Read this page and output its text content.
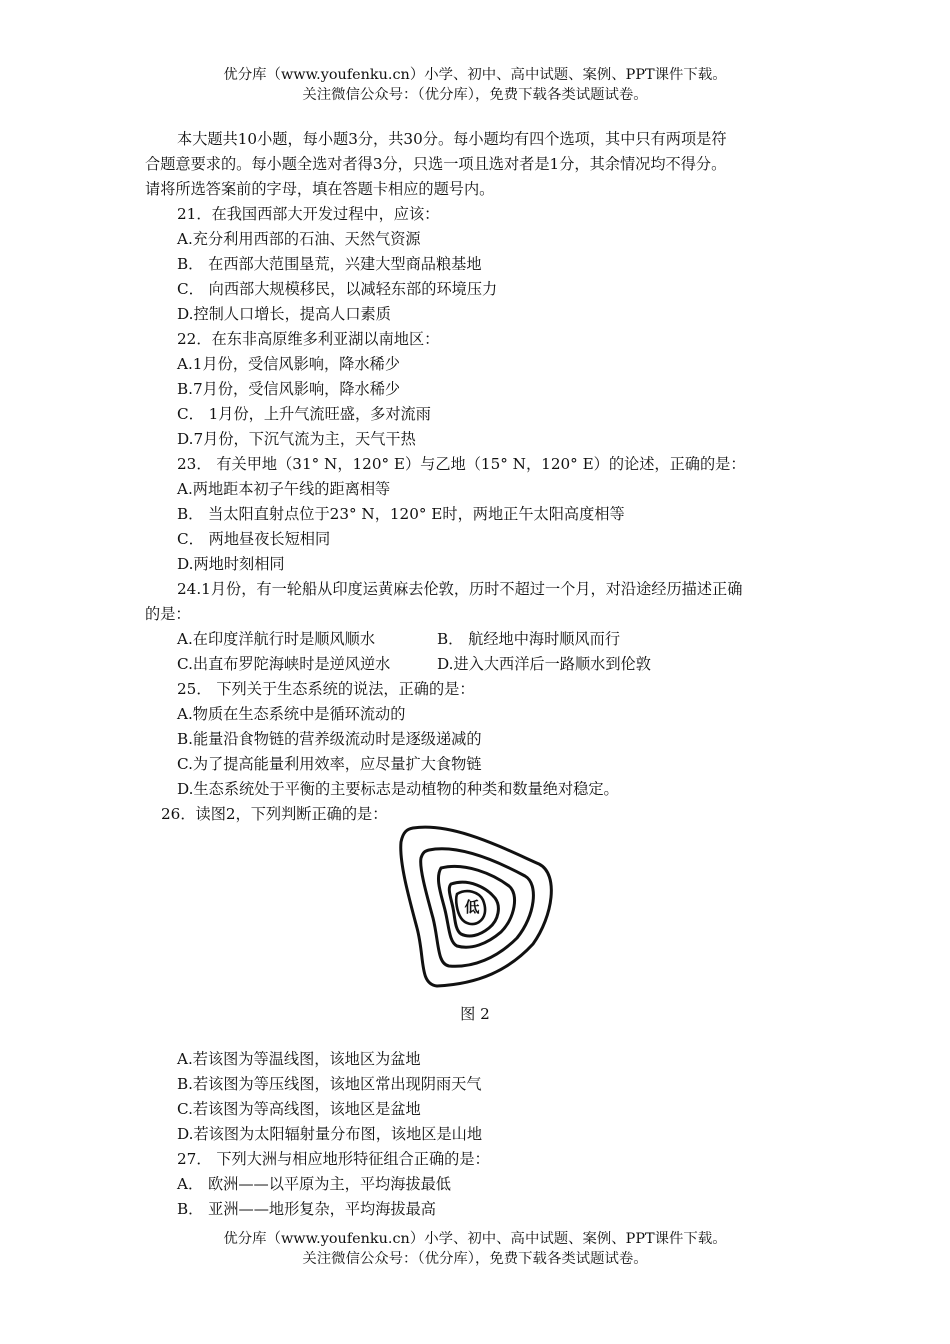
优分库（www.youfenku.cn）小学、初中、高中试题、案例、PPT课件下载。
关注微信公众号：（优分库），免费下载各类试题试卷。
本大题共10小题，每小题3分，共30分。每小题均有四个选项，其中只有两项是符
合题意要求的。每小题全选对者得3分，只选一项且选对者是1分，其余情况均不得分。
请将所选答案前的字母，填在答题卡相应的题号内。
21．在我国西部大开发过程中，应该：
A.充分利用西部的石油、天然气资源
B． 在西部大范围垦荒，兴建大型商品粮基地
C． 向西部大规模移民，以减轻东部的环境压力
D.控制人口增长，提高人口素质
22．在东非高原维多利亚湖以南地区：
A.1月份，受信风影响，降水稀少
B.7月份，受信风影响，降水稀少
C． 1月份，上升气流旺盛，多对流雨
D.7月份，下沉气流为主，天气干热
23． 有关甲地（31° N，120° E）与乙地（15° N，120° E）的论述，正确的是：
A.两地距本初子午线的距离相等
B． 当太阳直射点位于23° N，120° E时，两地正午太阳高度相等
C． 两地昼夜长短相同
D.两地时刻相同
24.1月份，有一轮船从印度运黄麻去伦敦，历时不超过一个月，对沿途经历描述正确
的是：
A.在印度洋航行时是顺风顺水	B． 航经地中海时顺风而行
C.出直布罗陀海峡时是逆风逆水	D.进入大西洋后一路顺水到伦敦
25． 下列关于生态系统的说法，正确的是：
A.物质在生态系统中是循环流动的
B.能量沿食物链的营养级流动时是逐级递减的
C.为了提高能量利用效率，应尽量扩大食物链
D.生态系统处于平衡的主要标志是动植物的种类和数量绝对稳定。
26．读图2，下列判断正确的是：
低
图 2
A.若该图为等温线图，该地区为盆地
B.若该图为等压线图，该地区常出现阴雨天气
C.若该图为等高线图，该地区是盆地
D.若该图为太阳辐射量分布图，该地区是山地
27． 下列大洲与相应地形特征组合正确的是：
A． 欧洲——以平原为主，平均海拔最低
B． 亚洲——地形复杂，平均海拔最高
优分库（www.youfenku.cn）小学、初中、高中试题、案例、PPT课件下载。
关注微信公众号：（优分库），免费下载各类试题试卷。
